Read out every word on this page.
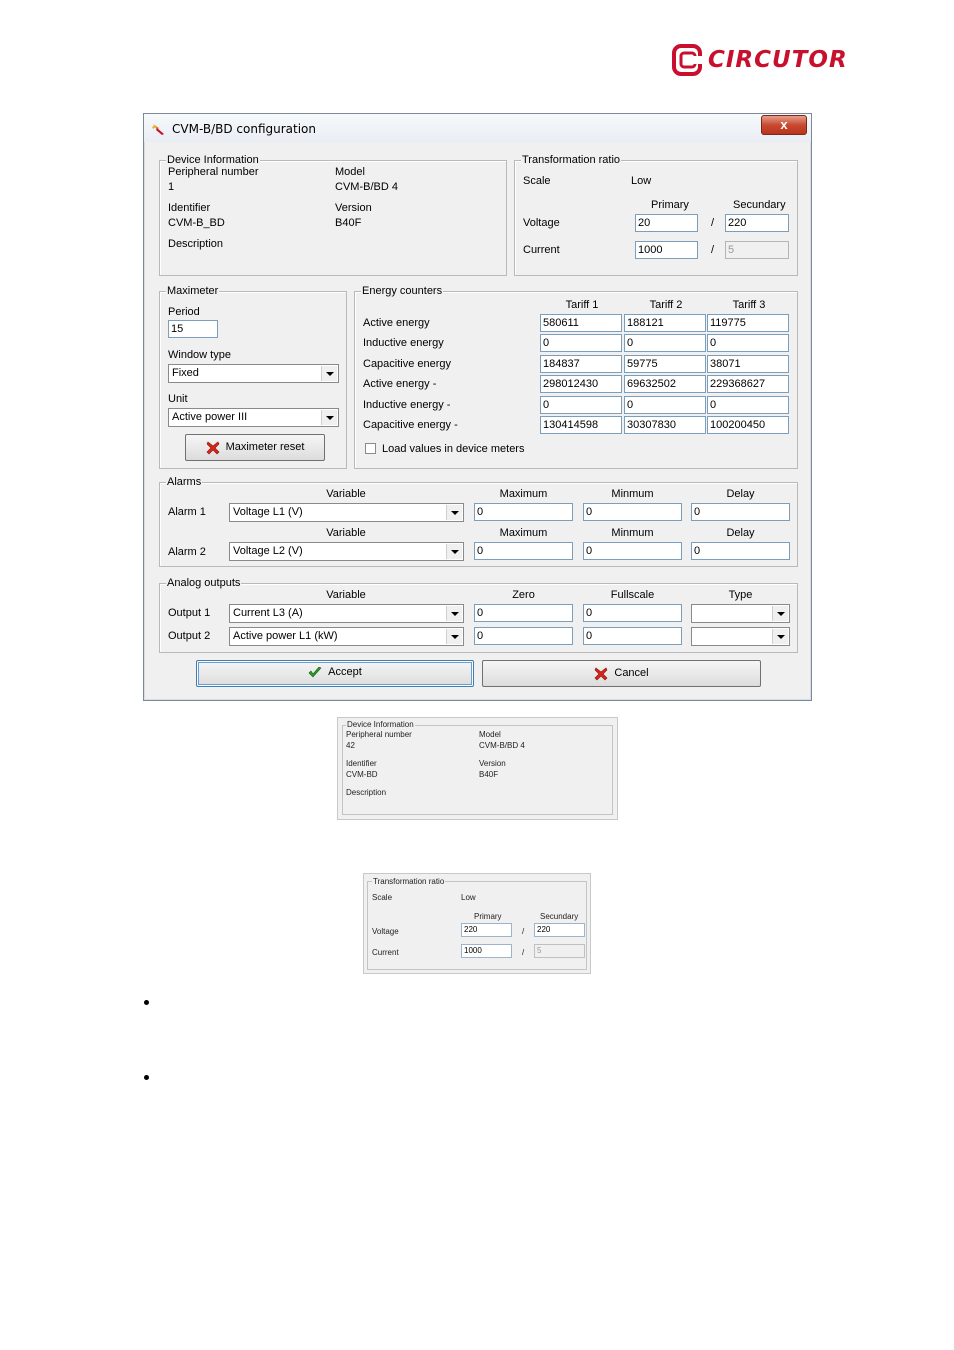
CIRCUTOR
CVM-B/BD configuration	x
Device Information
Peripheral number
1
Model
CVM-B/BD 4
Identifier
CVM-B_BD
Version
B40F
Description
Transformation ratio
Scale	Low
Primary	Secundary
Voltage	20	/ 220
Current	1000	/ 5
Maximeter
Period
15
Window type
Fixed
Unit
Active power III
Maximeter reset
Energy counters
Tariff 1	Tariff 2	Tariff 3
Active energy	580611	188121	119775
Inductive energy	0	0	0
Capacitive energy	184837	59775	38071
Active energy -	298012430	69632502	229368627
Inductive energy -	0	0	0
Capacitive energy -	130414598	30307830	100200450
Load values in device meters
Alarms
Variable	Maximum	Minmum	Delay
Alarm 1	Voltage L1 (V)	0	0	0
Variable	Maximum	Minmum	Delay
Alarm 2	Voltage L2 (V)	0	0	0
Analog outputs
Variable	Zero	Fullscale	Type
Output 1	Current L3 (A)	0	0
Output 2	Active power L1 (kW)	0	0
Accept	Cancel
Device Information
Peripheral number
42
Model
CVM-B/BD 4
Identifier
CVM-BD
Version
B40F
Description
Transformation ratio
Scale	Low
Primary	Secundary
Voltage	220	/	220
Current	1000	/	5
